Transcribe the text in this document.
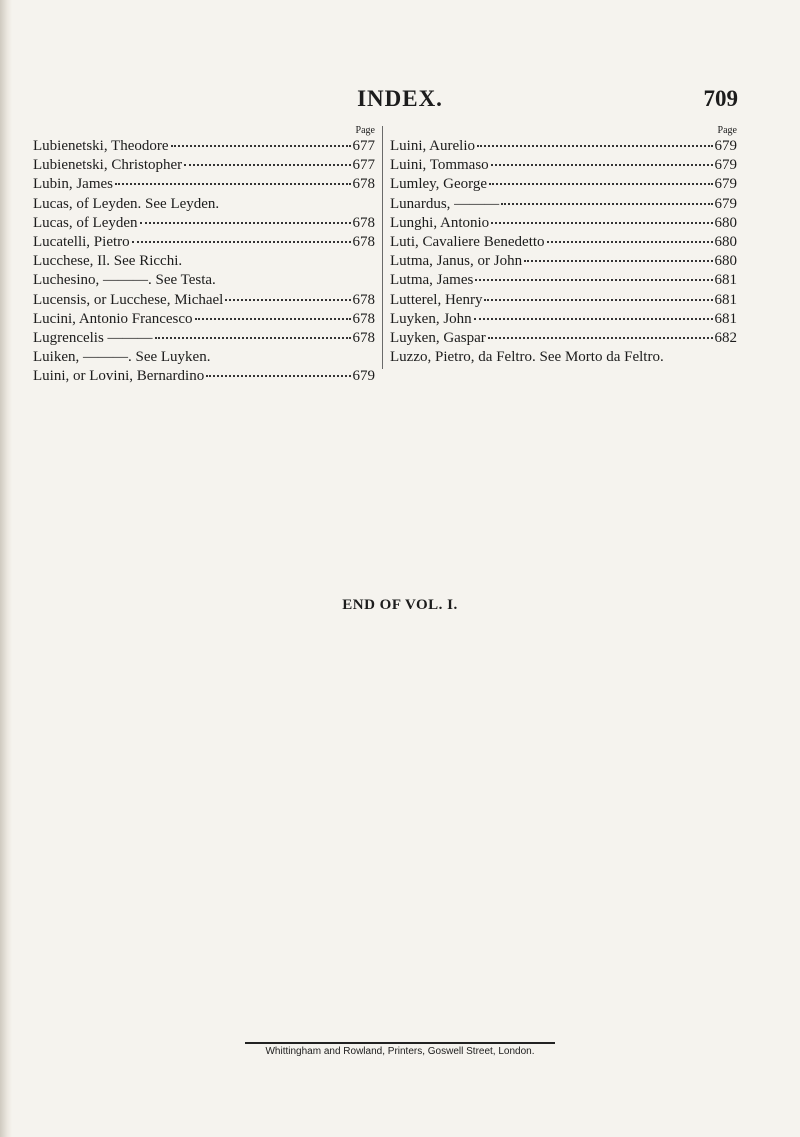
INDEX.	709
Page
Lubienetski, Theodore	677
Lubienetski, Christopher	677
Lubin, James	678
Lucas, of Leyden. See Leyden.
Lucas, of Leyden	678
Lucatelli, Pietro	678
Lucchese, Il. See Ricchi.
Luchesino, ———. See Testa.
Lucensis, or Lucchese, Michael	678
Lucini, Antonio Francesco	678
Lugrencelis ———	678
Luiken, ———. See Luyken.
Luini, or Lovini, Bernardino	679
Page
Luini, Aurelio	679
Luini, Tommaso	679
Lumley, George	679
Lunardus, ———	679
Lunghi, Antonio	680
Luti, Cavaliere Benedetto	680
Lutma, Janus, or John	680
Lutma, James	681
Lutterel, Henry	681
Luyken, John	681
Luyken, Gaspar	682
Luzzo, Pietro, da Feltro. See Morto da Feltro.
END OF VOL. I.
Whittingham and Rowland, Printers, Goswell Street, London.
